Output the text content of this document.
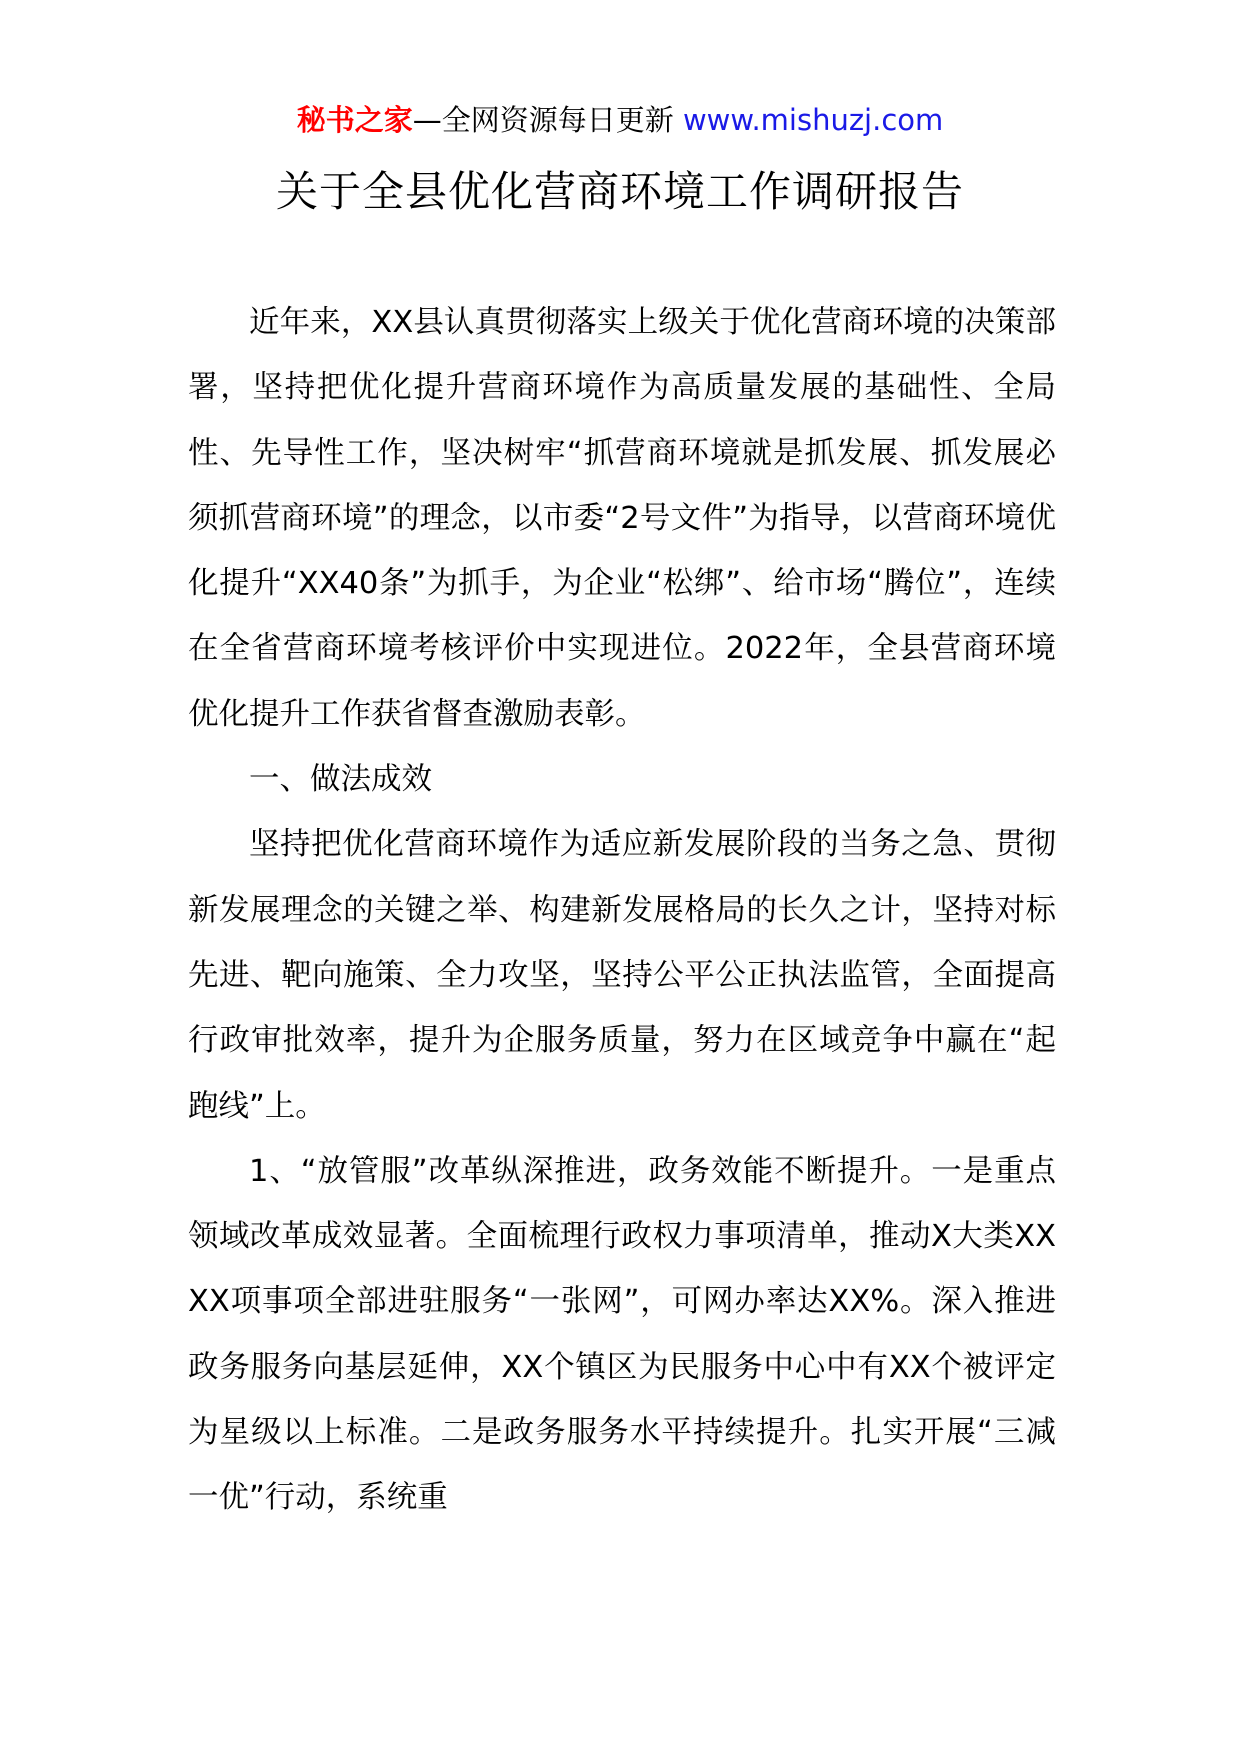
秘书之家—全网资源每日更新 www.mishuzj.com
关于全县优化营商环境工作调研报告

近年来，XX县认真贯彻落实上级关于优化营商环境的决策部署，坚持把优化提升营商环境作为高质量发展的基础性、全局性、先导性工作，坚决树牢“抓营商环境就是抓发展、抓发展必须抓营商环境”的理念，以市委“2号文件”为指导，以营商环境优化提升“XX40条”为抓手，为企业“松绑”、给市场“腾位”，连续在全省营商环境考核评价中实现进位。2022年，全县营商环境优化提升工作获省督查激励表彰。

一、做法成效

坚持把优化营商环境作为适应新发展阶段的当务之急、贯彻新发展理念的关键之举、构建新发展格局的长久之计，坚持对标先进、靶向施策、全力攻坚，坚持公平公正执法监管，全面提高行政审批效率，提升为企服务质量，努力在区域竞争中赢在“起跑线”上。

1、“放管服”改革纵深推进，政务效能不断提升。一是重点领域改革成效显著。全面梳理行政权力事项清单，推动X大类XXXX项事项全部进驻服务“一张网”，可网办率达XX%。深入推进政务服务向基层延伸，XX个镇区为民服务中心中有XX个被评定为星级以上标准。二是政务服务水平持续提升。扎实开展“三减一优”行动，系统重
